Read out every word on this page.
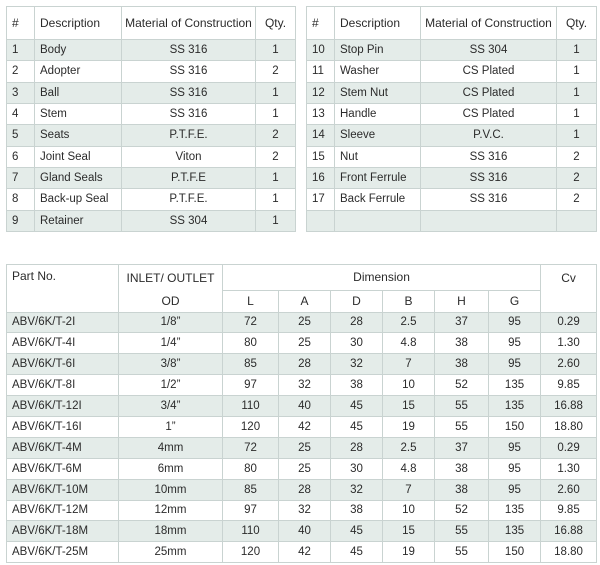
#	Description	Material of Construction	Qty.
1	Body	SS 316	1
2	Adopter	SS 316	2
3	Ball	SS 316	1
4	Stem	SS 316	1
5	Seats	P.T.F.E.	2
6	Joint Seal	Viton	2
7	Gland Seals	P.T.F.E	1
8	Back-up Seal	P.T.F.E.	1
9	Retainer	SS 304	1
#	Description	Material of Construction	Qty.
10	Stop Pin	SS 304	1
11	Washer	CS Plated	1
12	Stem Nut	CS Plated	1
13	Handle	CS Plated	1
14	Sleeve	P.V.C.	1
15	Nut	SS 316	2
16	Front Ferrule	SS 316	2
17	Back Ferrule	SS 316	2

Part No.	INLET/ OUTLET	Dimension						Cv
	OD	L	A	D	B	H	G	
ABV/6K/T-2I	1/8”	72	25	28	2.5	37	95	0.29
ABV/6K/T-4I	1/4”	80	25	30	4.8	38	95	1.30
ABV/6K/T-6I	3/8”	85	28	32	7	38	95	2.60
ABV/6K/T-8I	1/2”	97	32	38	10	52	135	9.85
ABV/6K/T-12I	3/4”	110	40	45	15	55	135	16.88
ABV/6K/T-16I	1”	120	42	45	19	55	150	18.80
ABV/6K/T-4M	4mm	72	25	28	2.5	37	95	0.29
ABV/6K/T-6M	6mm	80	25	30	4.8	38	95	1.30
ABV/6K/T-10M	10mm	85	28	32	7	38	95	2.60
ABV/6K/T-12M	12mm	97	32	38	10	52	135	9.85
ABV/6K/T-18M	18mm	110	40	45	15	55	135	16.88
ABV/6K/T-25M	25mm	120	42	45	19	55	150	18.80
